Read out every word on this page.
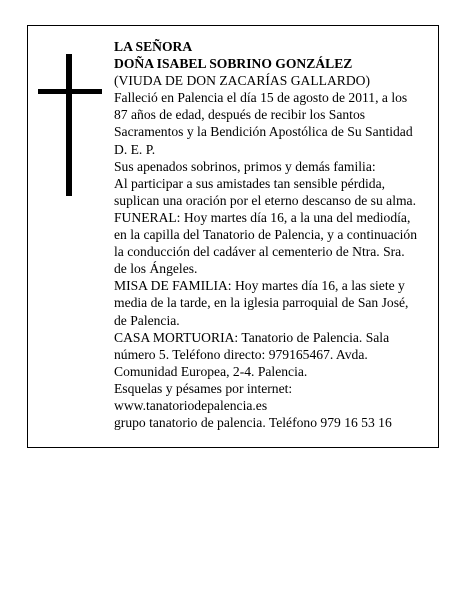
LA SEÑORA
DOÑA ISABEL SOBRINO GONZÁLEZ
(VIUDA DE DON ZACARÍAS GALLARDO)
Falleció en Palencia el día 15 de agosto de 2011, a los
87 años de edad, después de recibir los Santos
Sacramentos y la Bendición Apostólica de Su Santidad
D. E. P.
Sus apenados sobrinos, primos y demás familia:
Al participar a sus amistades tan sensible pérdida,
suplican una oración por el eterno descanso de su alma.
FUNERAL: Hoy martes día 16, a la una del mediodía,
en la capilla del Tanatorio de Palencia, y a continuación
la conducción del cadáver al cementerio de Ntra. Sra.
de los Ángeles.
MISA DE FAMILIA: Hoy martes día 16, a las siete y
media de la tarde, en la iglesia parroquial de San José,
de Palencia.
CASA MORTUORIA: Tanatorio de Palencia. Sala
número 5. Teléfono directo: 979165467. Avda.
Comunidad Europea, 2-4. Palencia.
Esquelas y pésames por internet:
www.tanatoriodepalencia.es
grupo tanatorio de palencia. Teléfono 979 16 53 16
